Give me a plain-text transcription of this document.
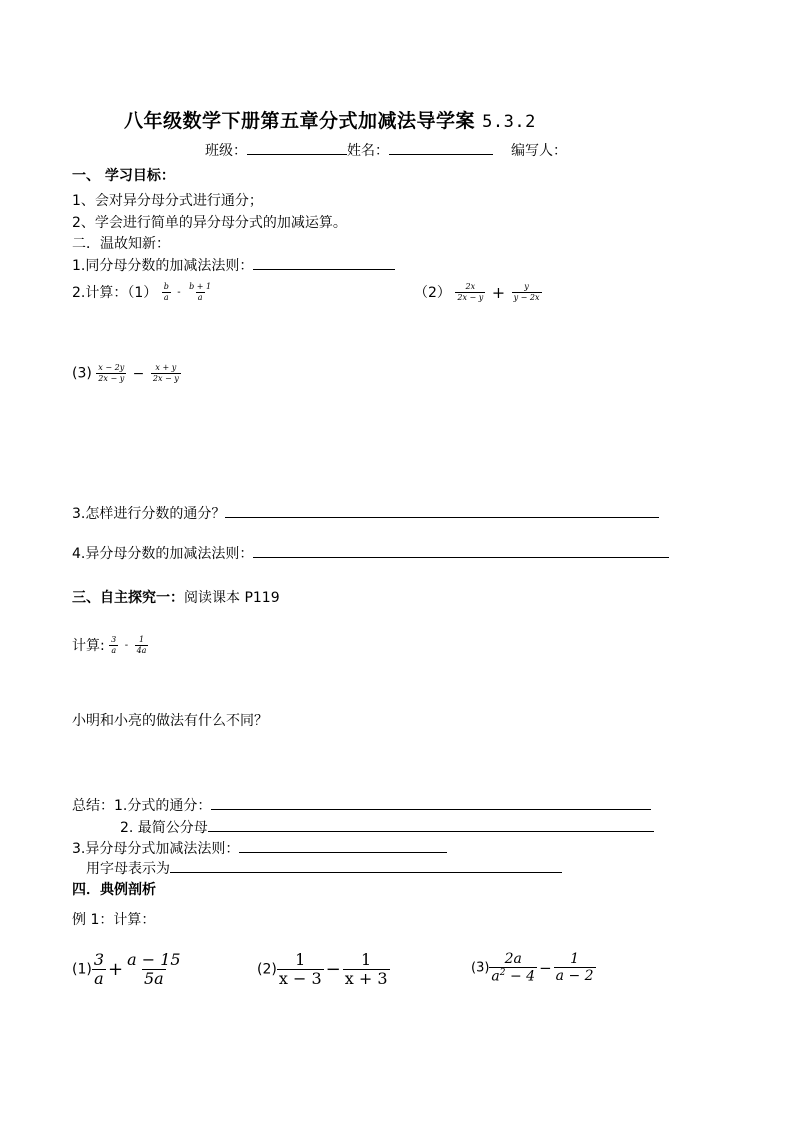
八年级数学下册第五章分式加减法导学案 5.3.2
班级：	姓名：	编写人：
一、 学习目标：
1、会对异分母分式进行通分；
2、学会进行简单的异分母分式的加减运算。
二．温故知新：
1.同分母分数的加减法法则：
2.计算：$(1) \frac{b}{a} - \frac{b + 1}{a}$	$(2) \frac{2x}{2x - y} + \frac{y}{y - 2x}$
$(3) \frac{x - 2y}{2x - y} - \frac{x + y}{2x - y}$
3.怎样进行分数的通分？
4.异分母分数的加减法法则：
三、自主探究一：阅读课本 P119
计算: $\frac{3}{a} - \frac{1}{4a}$
小明和小亮的做法有什么不同？
总结：1.分式的通分：
2. 最简公分母
3.异分母分式加减法法则：
用字母表示为
四．典例剖析
例 1：计算：
$(1) \frac{3}{a} + \frac{a - 15}{5a}$	$(2) \frac{1}{x - 3} - \frac{1}{x + 3}$	$(3) \frac{2a}{a^2 - 4} - \frac{1}{a - 2}$
